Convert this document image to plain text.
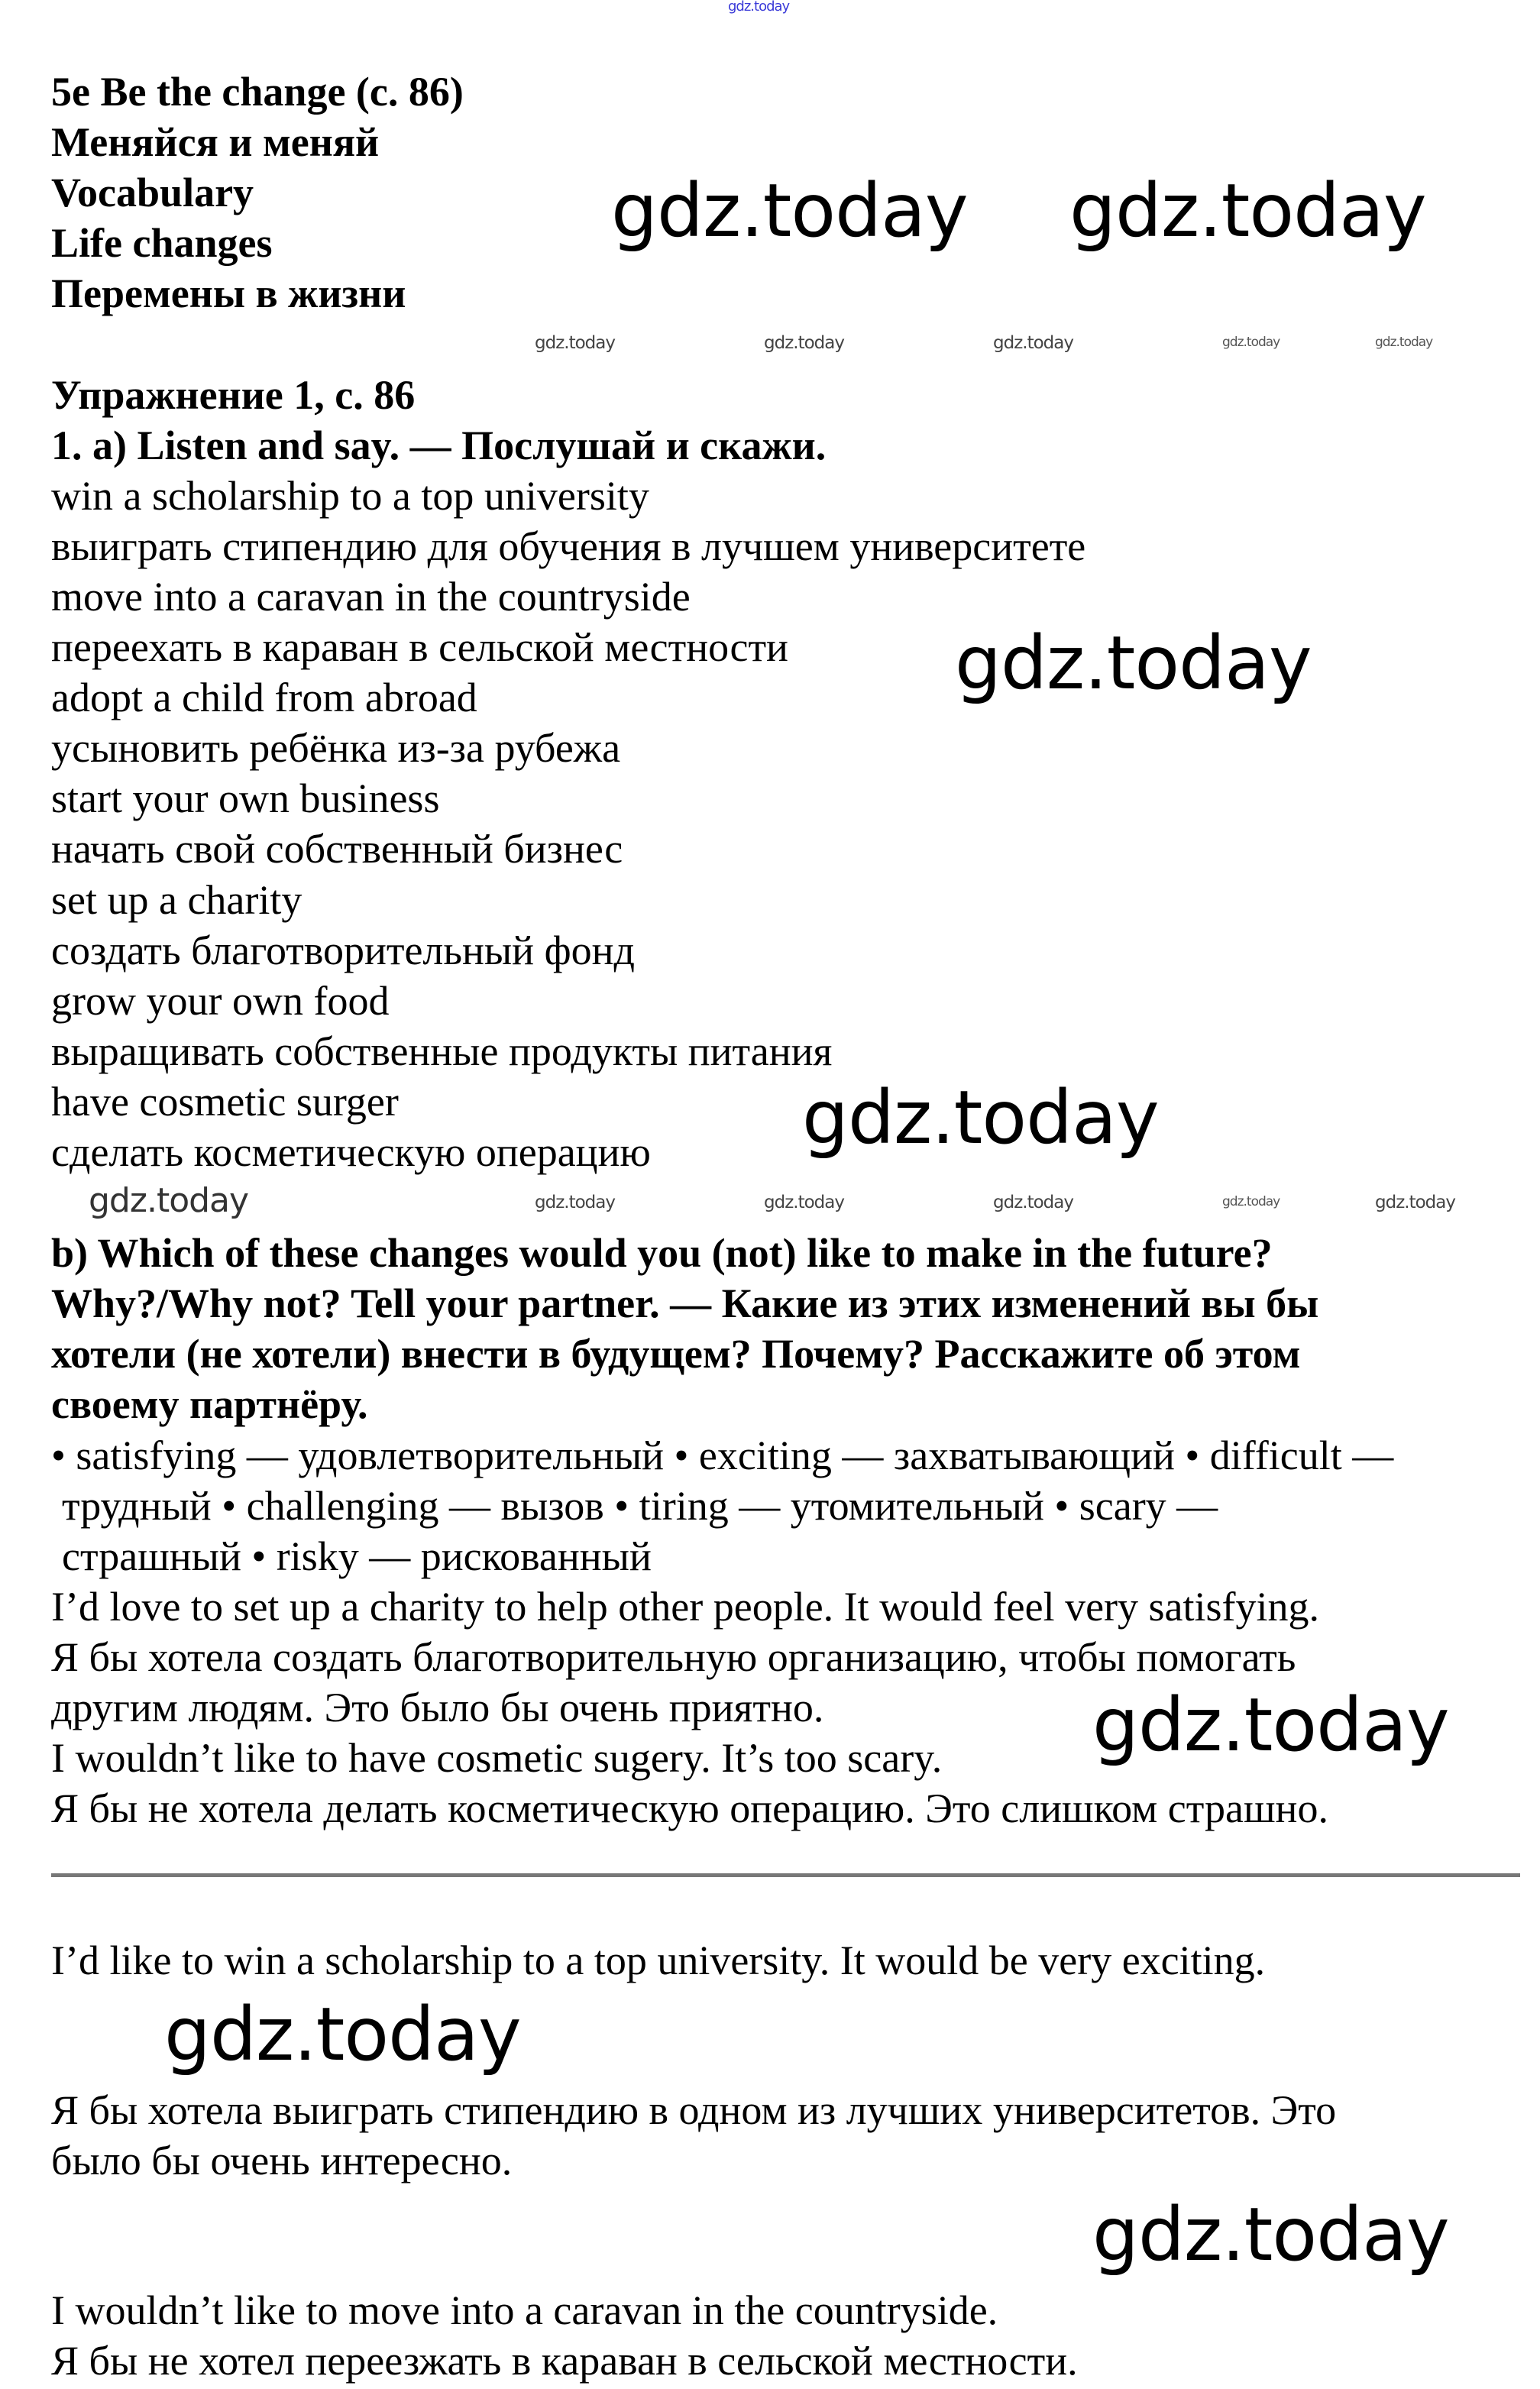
5e Be the change (с. 86)
Меняйся и меняй
Vocabulary
Life changes
Перемены в жизни
Упражнение 1, с. 86
1. a) Listen and say. — Послушай и скажи.
win a scholarship to a top university
выиграть стипендию для обучения в лучшем университете
move into a caravan in the countryside
переехать в караван в сельской местности
adopt a child from abroad
усыновить ребёнка из-за рубежа
start your own business
начать свой собственный бизнес
set up a charity
создать благотворительный фонд
grow your own food
выращивать собственные продукты питания
have cosmetic surger
сделать косметическую операцию
b) Which of these changes would you (not) like to make in the future?
Why?/Why not? Tell your partner. — Какие из этих изменений вы бы
хотели (не хотели) внести в будущем? Почему? Расскажите об этом
своему партнёру.
• satisfying — удовлетворительный • exciting — захватывающий • difficult —
трудный • challenging — вызов • tiring — утомительный • scary —
страшный • risky — рискованный
I’d love to set up a charity to help other people. It would feel very satisfying.
Я бы хотела создать благотворительную организацию, чтобы помогать
другим людям. Это было бы очень приятно.
I wouldn’t like to have cosmetic sugery. It’s too scary.
Я бы не хотела делать косметическую операцию. Это слишком страшно.
I’d like to win a scholarship to a top university. It would be very exciting.
Я бы хотела выиграть стипендию в одном из лучших университетов. Это
было бы очень интересно.
I wouldn’t like to move into a caravan in the countryside.
Я бы не хотел переезжать в караван в сельской местности.
gdz.today
gdz.today gdz.today
gdz.today
gdz.today
gdz.today
gdz.today
gdz.today
gdz.today
gdz.today	gdz.today	gdz.today	gdz.today	gdz.today
gdz.today
gdz.today	gdz.today	gdz.today	gdz.today
